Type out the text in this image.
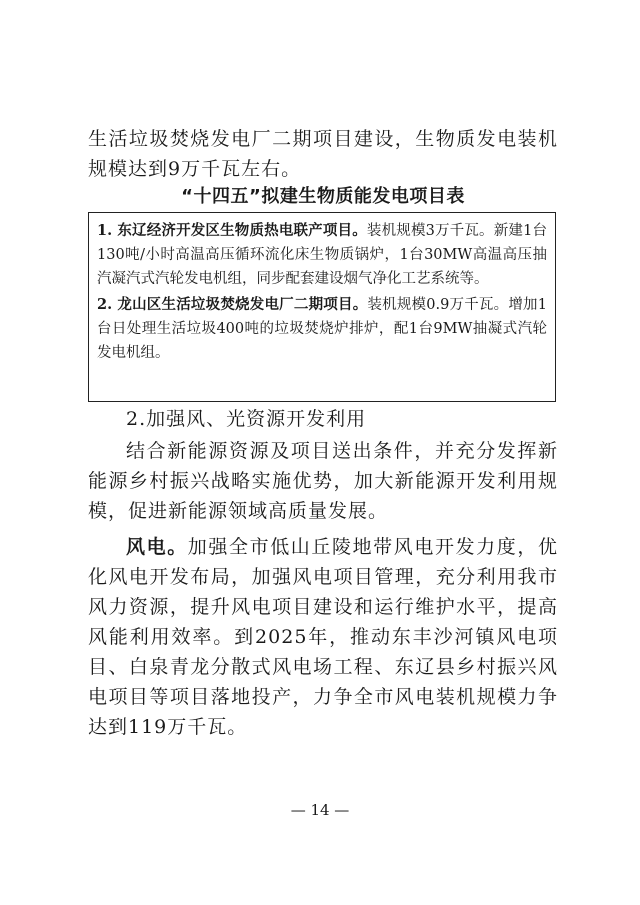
生活垃圾焚烧发电厂二期项目建设，生物质发电装机规模达到9万千瓦左右。

“十四五”拟建生物质能发电项目表

1. 东辽经济开发区生物质热电联产项目。装机规模3万千瓦。新建1台130吨/小时高温高压循环流化床生物质锅炉，1台30MW高温高压抽汽凝汽式汽轮发电机组，同步配套建设烟气净化工艺系统等。

2. 龙山区生活垃圾焚烧发电厂二期项目。装机规模0.9万千瓦。增加1台日处理生活垃圾400吨的垃圾焚烧炉排炉，配1台9MW抽凝式汽轮发电机组。

2.加强风、光资源开发利用

结合新能源资源及项目送出条件，并充分发挥新能源乡村振兴战略实施优势，加大新能源开发利用规模，促进新能源领域高质量发展。

风电。加强全市低山丘陵地带风电开发力度，优化风电开发布局，加强风电项目管理，充分利用我市风力资源，提升风电项目建设和运行维护水平，提高风能利用效率。到2025年，推动东丰沙河镇风电项目、白泉青龙分散式风电场工程、东辽县乡村振兴风电项目等项目落地投产，力争全市风电装机规模力争达到119万千瓦。

— 14 —
